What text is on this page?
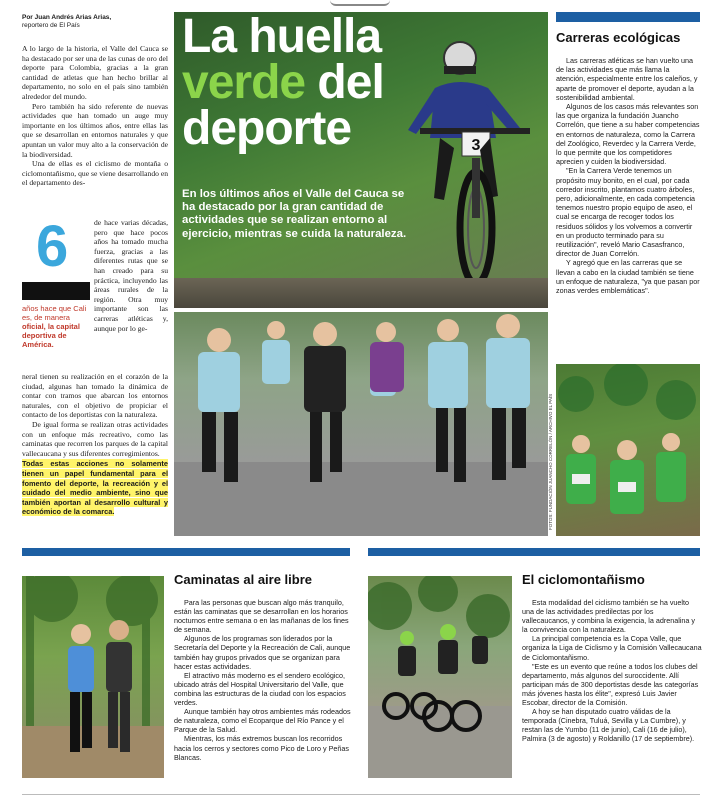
Por Juan Andrés Arias Arias,
reportero de El País

A lo largo de la historia, el Valle del Cauca se ha destacado por ser una de las cunas de oro del deporte para Colombia, gracias a la gran cantidad de atletas que han hecho brillar al departamento, no solo en el país sino también alrededor del mundo.

Pero también ha sido referente de nuevas actividades que han tomado un auge muy importante en los últimos años, entre ellas las que se desarrollan en entornos naturales y que apuntan un valor muy alto a la conservación de la biodiversidad.

Una de ellas es el ciclismo de montaña o ciclomontañismo, que se viene desarrollando en el departamento des-

6
años hace que Cali es, de manera oficial, la capital deportiva de América.
de hace varias décadas, pero que hace pocos años ha tomado mucha fuerza, gracias a las diferentes rutas que se han creado para su práctica, incluyendo las áreas rurales de la región. Otra muy importante son las carreras atléticas y, aunque por lo ge-

neral tienen su realización en el corazón de la ciudad, algunas han tomado la dinámica de contar con tramos que abarcan los entornos naturales, con el objetivo de propiciar el contacto de los deportistas con la naturaleza.

De igual forma se realizan otras actividades con un enfoque más recreativo, como las caminatas que recorren los parques de la capital vallecaucana y sus diferentes corregimientos.

Todas estas acciones no solamente tienen un papel fundamental para el fomento del deporte, la recreación y el cuidado del medio ambiente, sino que también aportan al desarrollo cultural y económico de la comarca.

3
La huella
verde del
deporte
En los últimos años el Valle del Cauca se ha destacado por la gran cantidad de actividades que se realizan entorno al ejercicio, mientras se cuida la naturaleza.
FOTOS: FUNDACIÓN JUANCHO CORRELÓN / ARCHIVO EL PAÍS
Carreras ecológicas

Las carreras atléticas se han vuelto una de las actividades que más llama la atención, especialmente entre los caleños, y aparte de promover el deporte, ayudan a la sostenibilidad ambiental.

Algunos de los casos más relevantes son las que organiza la fundación Juancho Correlón, que tiene a su haber competencias en entornos de naturaleza, como la Carrera del Zoológico, Reverdec y la Carrera Verde, lo que permite que los competidores aprecien y cuiden la biodiversidad.

"En la Carrera Verde tenemos un propósito muy bonito, en el cual, por cada corredor inscrito, plantamos cuatro árboles, pero, adicionalmente, en cada competencia tenemos nuestro propio equipo de aseo, el cual se encarga de recoger todos los residuos sólidos y los volvemos a convertir en un producto terminado para su reutilización", reveló Mario Casasfranco, director de Juan Correlón.

Y agregó que en las carreras que se llevan a cabo en la ciudad también se tiene un enfoque de naturaleza, "ya que pasan por zonas verdes emblemáticas".

Caminatas al aire libre

Para las personas que buscan algo más tranquilo, están las caminatas que se desarrollan en los horarios nocturnos entre semana o en las mañanas de los fines de semana.

Algunos de los programas son liderados por la Secretaría del Deporte y la Recreación de Cali, aunque también hay grupos privados que se organizan para hacer estas actividades.

El atractivo más moderno es el sendero ecológico, ubicado atrás del Hospital Universitario del Valle, que combina las estructuras de la ciudad con los espacios verdes.

Aunque también hay otros ambientes más rodeados de naturaleza, como el Ecoparque del Río Pance y el Parque de la Salud.

Mientras, los más extremos buscan los recorridos hacia los cerros y sectores como Pico de Loro y Peñas Blancas.

El ciclomontañismo

Esta modalidad del ciclismo también se ha vuelto una de las actividades predilectas por los vallecaucanos, y combina la exigencia, la adrenalina y la convivencia con la naturaleza.

La principal competencia es la Copa Valle, que organiza la Liga de Ciclismo y la Comisión Vallecaucana de Ciclomontañismo.

"Este es un evento que reúne a todos los clubes del departamento, más algunos del suroccidente. Allí participan más de 300 deportistas desde las categorías más jóvenes hasta los élite", expresó Luis Javier Escobar, director de la Comisión.

A hoy se han disputado cuatro válidas de la temporada (Cinebra, Tuluá, Sevilla y La Cumbre), y restan las de Yumbo (11 de junio), Cali (16 de julio), Palmira (3 de agosto) y Roldanillo (17 de septiembre).
